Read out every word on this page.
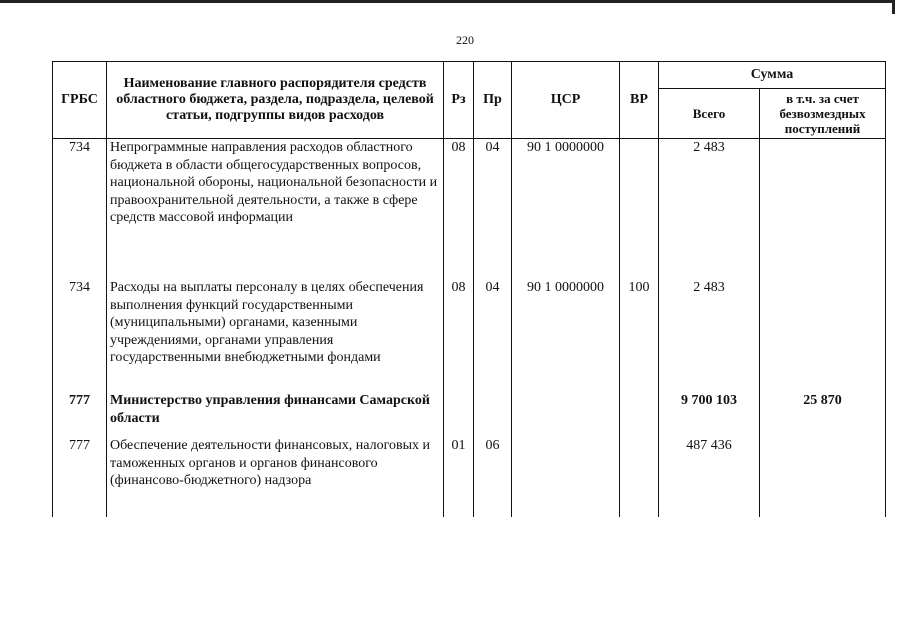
220
ГРБС	Наименование главного распорядителя средств областного бюджета, раздела, подраздела, целевой статьи, подгруппы видов расходов	Рз	Пр	ЦСР	ВР	Сумма	
						Всего	в т.ч. за счет безвозмездных поступлений
734	Непрограммные направления расходов областного бюджета в области общегосударственных вопросов, национальной обороны, национальной безопасности и правоохранительной деятельности, а также в сфере средств массовой информации	08	04	90 1 0000000		2 483	
734	Расходы на выплаты персоналу в целях обеспечения выполнения функций государственными (муниципальными) органами, казенными учреждениями, органами управления государственными внебюджетными фондами	08	04	90 1 0000000	100	2 483	
777	Министерство управления финансами Самарской области					9 700 103	25 870
777	Обеспечение деятельности финансовых, налоговых и таможенных органов и органов финансового (финансово-бюджетного) надзора	01	06			487 436	
